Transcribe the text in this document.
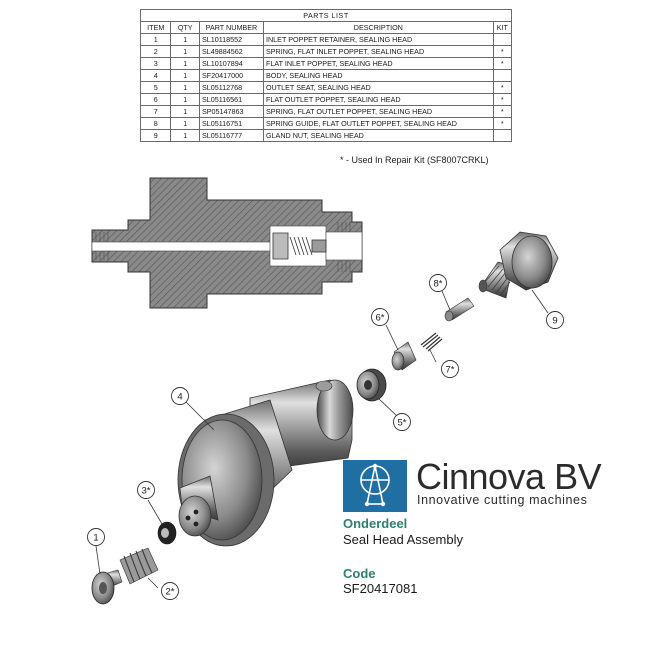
PARTS LIST				
ITEM	QTY	PART NUMBER	DESCRIPTION	KIT
1	1	SL10118552	INLET POPPET RETAINER, SEALING HEAD	
2	1	SL49884562	SPRING, FLAT INLET POPPET, SEALING HEAD	*
3	1	SL10107894	FLAT INLET POPPET, SEALING HEAD	*
4	1	SF20417000	BODY, SEALING HEAD	
5	1	SL05112768	OUTLET SEAT, SEALING HEAD	*
6	1	SL05116561	FLAT OUTLET POPPET, SEALING HEAD	*
7	1	SP05147863	SPRING, FLAT OUTLET POPPET, SEALING HEAD	*
8	1	SL05116751	SPRING GUIDE, FLAT OUTLET POPPET, SEALING HEAD	*
9	1	SL05116777	GLAND NUT, SEALING HEAD	
* - Used In Repair Kit (SF8007CRKL)
1
2*
3*
4
5*
6*
7*
8*
9
Cinnova BV
Innovative cutting machines
Onderdeel
Seal Head Assembly
Code
SF20417081
